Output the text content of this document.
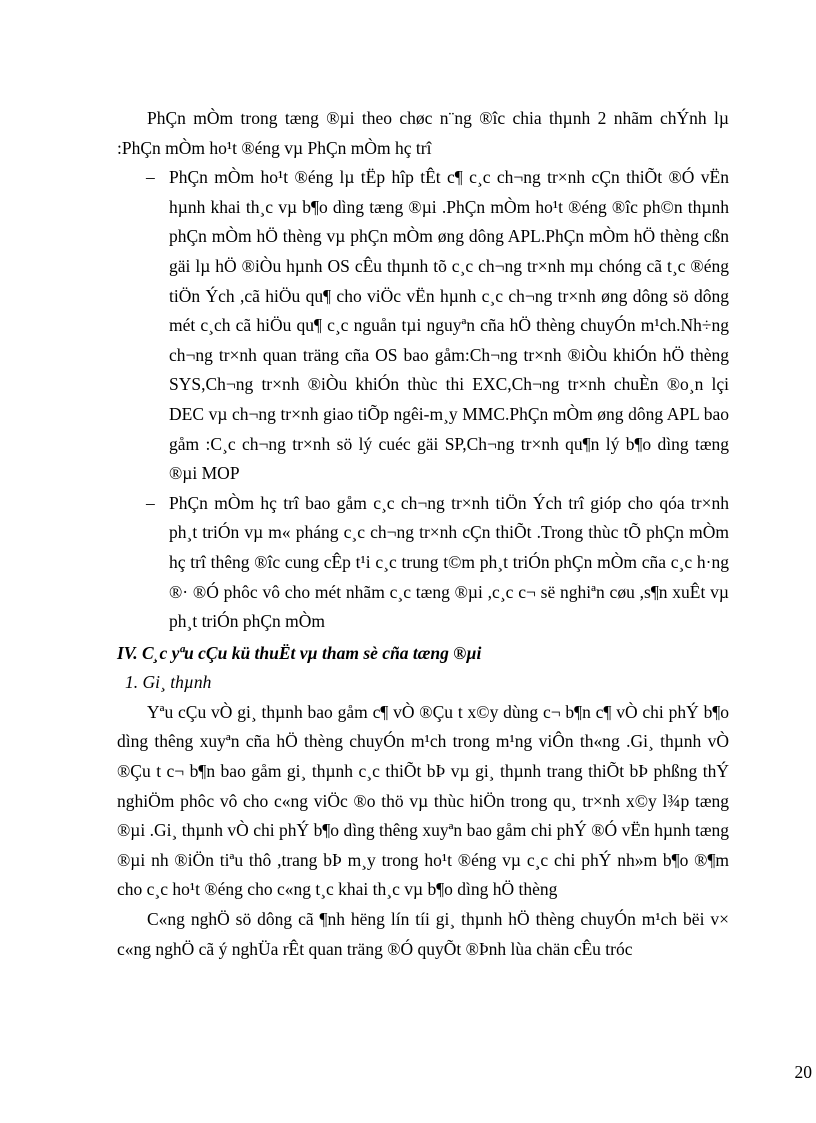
PhÇn mÒm trong tæng ®µi theo chøc n¨ng ®îc chia thµnh 2 nhãm chÝnh lµ :PhÇn mÒm ho¹t ®éng vµ PhÇn mÒm hç trî

– PhÇn mÒm ho¹t ®éng lµ tËp hîp tÊt c¶ c¸c ch¬ng tr×nh cÇn thiÕt ®Ó vËn hµnh khai th¸c vµ b¶o dìng tæng ®µi .PhÇn mÒm ho¹t ®éng ®îc ph©n thµnh phÇn mÒm hÖ thèng vµ phÇn mÒm øng dông APL.PhÇn mÒm hÖ thèng cßn gäi lµ hÖ ®iÒu hµnh OS cÊu thµnh tõ c¸c ch¬ng tr×nh mµ chóng cã t¸c ®éng tiÖn Ých ,cã hiÖu qu¶ cho viÖc vËn hµnh c¸c ch¬ng tr×nh øng dông sö dông mét c¸ch cã hiÖu qu¶ c¸c nguån tµi nguyªn cña hÖ thèng chuyÓn m¹ch.Nh÷ng ch¬ng tr×nh quan träng cña OS bao gåm:Ch¬ng tr×nh ®iÒu khiÓn hÖ thèng SYS,Ch¬ng tr×nh ®iÒu khiÓn thùc thi EXC,Ch¬ng tr×nh chuÈn ®o¸n lçi DEC vµ ch¬ng tr×nh giao tiÕp ngêi-m¸y MMC.PhÇn mÒm øng dông APL bao gåm :C¸c ch¬ng tr×nh sö lý cuéc gäi SP,Ch¬ng tr×nh qu¶n lý b¶o dìng tæng ®µi MOP
– PhÇn mÒm hç trî bao gåm c¸c ch¬ng tr×nh tiÖn Ých trî gióp cho qóa tr×nh ph¸t triÓn vµ m« pháng c¸c ch¬ng tr×nh cÇn thiÕt .Trong thùc tÕ phÇn mÒm hç trî thêng ®îc cung cÊp t¹i c¸c trung t©m ph¸t triÓn phÇn mÒm cña c¸c h·ng ®· ®Ó phôc vô cho mét nhãm c¸c tæng ®µi ,c¸c c¬ së nghiªn cøu ,s¶n xuÊt vµ ph¸t triÓn phÇn mÒm

IV. C¸c yªu cÇu kü thuËt vµ tham sè cña tæng ®µi

1. Gi¸ thµnh

Yªu cÇu vÒ gi¸ thµnh bao gåm c¶ vÒ ®Çu t x©y dùng c¬ b¶n c¶ vÒ chi phÝ b¶o dìng thêng xuyªn cña hÖ thèng chuyÓn m¹ch trong m¹ng viÔn th«ng .Gi¸ thµnh vÒ ®Çu t c¬ b¶n bao gåm gi¸ thµnh c¸c thiÕt bÞ vµ gi¸ thµnh trang thiÕt bÞ phßng thÝ nghiÖm phôc vô cho c«ng viÖc ®o thö vµ thùc hiÖn trong qu¸ tr×nh x©y l¾p tæng ®µi .Gi¸ thµnh vÒ chi phÝ b¶o dìng thêng xuyªn bao gåm chi phÝ ®Ó vËn hµnh tæng ®µi nh ®iÖn tiªu thô ,trang bÞ m¸y trong ho¹t ®éng vµ c¸c chi phÝ nh»m b¶o ®¶m cho c¸c ho¹t ®éng cho c«ng t¸c khai th¸c vµ b¶o dìng hÖ thèng

C«ng nghÖ sö dông cã ¶nh hëng lín tíi gi¸ thµnh hÖ thèng chuyÓn m¹ch bëi v× c«ng nghÖ cã ý nghÜa rÊt quan träng ®Ó quyÕt ®Þnh lùa chän cÊu tróc

20
